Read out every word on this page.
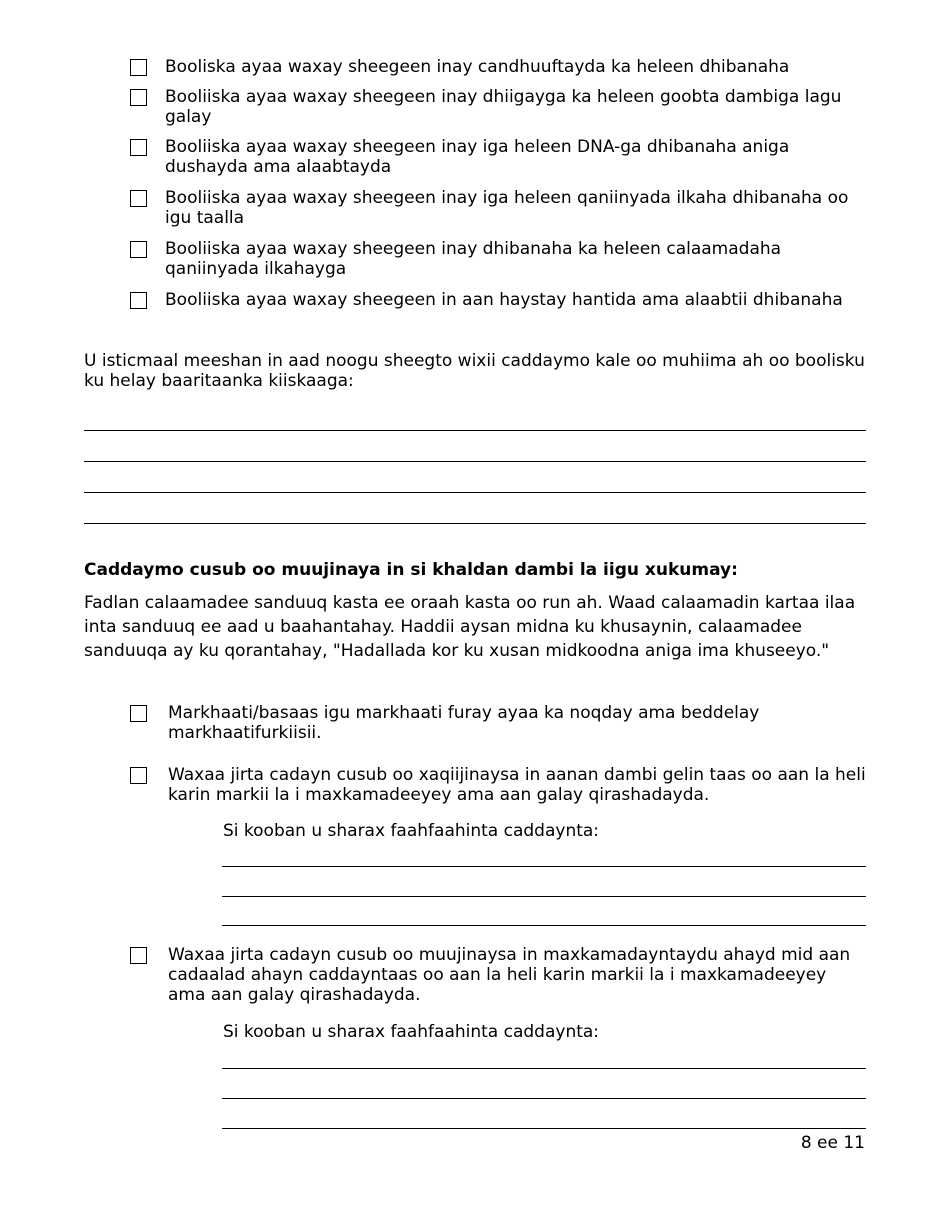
Booliska ayaa waxay sheegeen inay candhuuftayda ka heleen dhibanaha
Booliiska ayaa waxay sheegeen inay dhiigayga ka heleen goobta dambiga lagu galay
Booliiska ayaa waxay sheegeen inay iga heleen DNA-ga dhibanaha aniga dushayda ama alaabtayda
Booliiska ayaa waxay sheegeen inay iga heleen qaniinyada ilkaha dhibanaha oo igu taalla
Booliiska ayaa waxay sheegeen inay dhibanaha ka heleen calaamadaha qaniinyada ilkahayga
Booliiska ayaa waxay sheegeen in aan haystay hantida ama alaabtii dhibanaha
U isticmaal meeshan in aad noogu sheegto wixii caddaymo kale oo muhiima ah oo boolisku ku helay baaritaanka kiiskaaga:
Caddaymo cusub oo muujinaya in si khaldan dambi la iigu xukumay:
Fadlan calaamadee sanduuq kasta ee oraah kasta oo run ah. Waad calaamadin kartaa ilaa inta sanduuq ee aad u baahantahay. Haddii aysan midna ku khusaynin, calaamadee sanduuqa ay ku qorantahay, "Hadallada kor ku xusan midkoodna aniga ima khuseeyo."
Markhaati/basaas igu markhaati furay ayaa ka noqday ama beddelay markhaatifurkiisii.
Waxaa jirta cadayn cusub oo xaqiijinaysa in aanan dambi gelin taas oo aan la heli karin markii la i maxkamadeeyey ama aan galay qirashadayda.
Si kooban u sharax faahfaahinta caddaynta:
Waxaa jirta cadayn cusub oo muujinaysa in maxkamadayntaydu ahayd mid aan cadaalad ahayn caddayntaas oo aan la heli karin markii la i maxkamadeeyey ama aan galay qirashadayda.
Si kooban u sharax faahfaahinta caddaynta:
8 ee 11
